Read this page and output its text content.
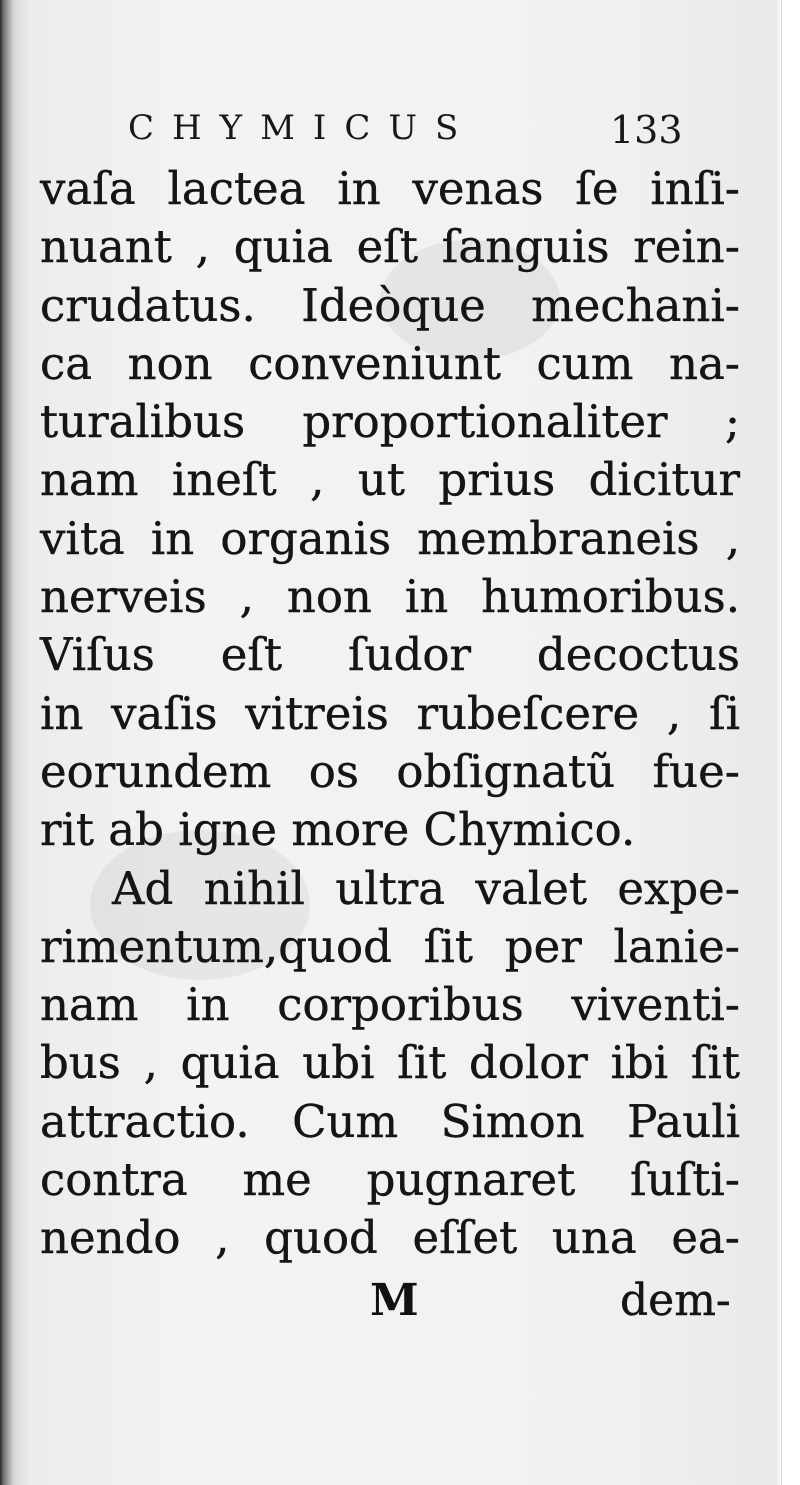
CHYMICUS	133
vaſa lactea in venas ſe inſi-
nuant , quia eſt ſanguis rein-
crudatus. Ideòque mechani-
ca non conveniunt cum na-
turalibus proportionaliter ;
nam ineſt , ut prius dicitur
vita in organis membraneis ,
nerveis , non in humoribus.
Viſus eſt ſudor decoctus
in vaſis vitreis rubeſcere , ſi
eorundem os obſignatũ fue-
rit ab igne more Chymico.
Ad nihil ultra valet expe-
rimentum,quod ſit per lanie-
nam in corporibus viventi-
bus , quia ubi ſit dolor ibi ſit
attractio. Cum Simon Pauli
contra me pugnaret ſuſti-
nendo , quod eſſet una ea-
M	dem-
